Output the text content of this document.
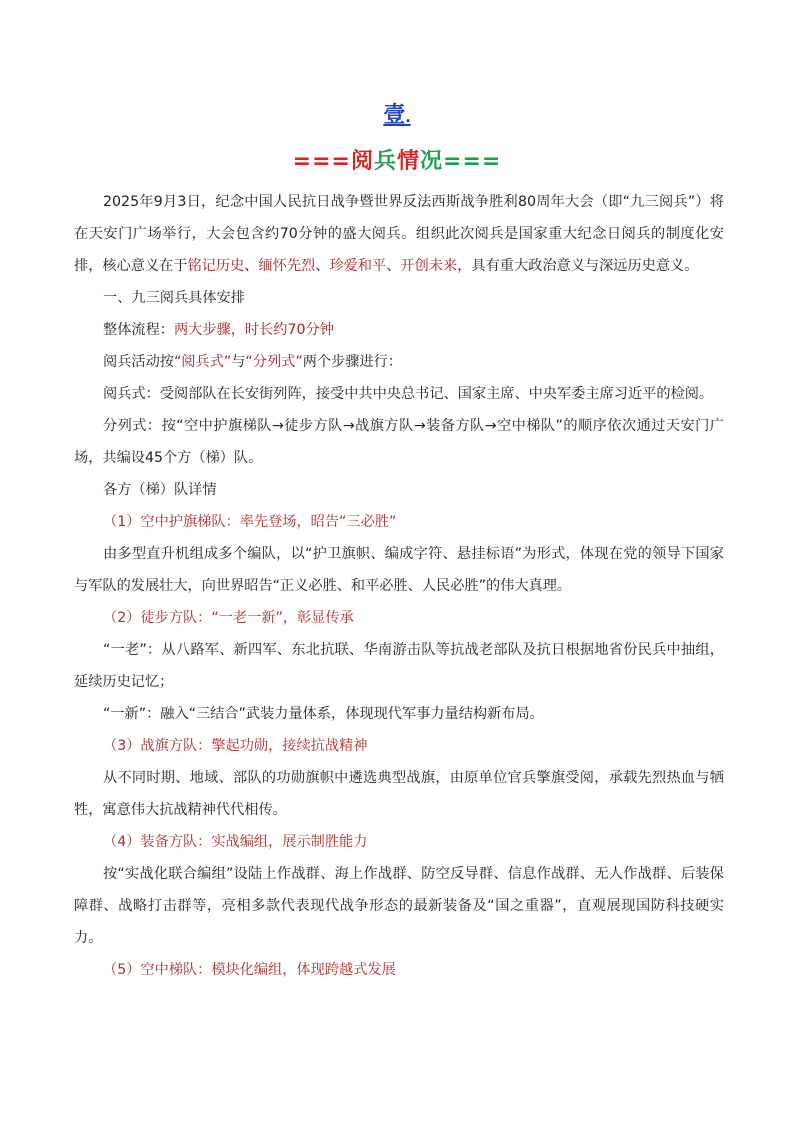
壹.
===阅兵情况===

2025年9月3日，纪念中国人民抗日战争暨世界反法西斯战争胜利80周年大会（即“九三阅兵”）将在天安门广场举行，大会包含约70分钟的盛大阅兵。组织此次阅兵是国家重大纪念日阅兵的制度化安排，核心意义在于铭记历史、缅怀先烈、珍爱和平、开创未来，具有重大政治意义与深远历史意义。

一、九三阅兵具体安排

整体流程：两大步骤，时长约70分钟

阅兵活动按“阅兵式”与“分列式”两个步骤进行：

阅兵式：受阅部队在长安街列阵，接受中共中央总书记、国家主席、中央军委主席习近平的检阅。

分列式：按“空中护旗梯队→徒步方队→战旗方队→装备方队→空中梯队”的顺序依次通过天安门广场，共编设45个方（梯）队。

各方（梯）队详情

（1）空中护旗梯队：率先登场，昭告“三必胜”

由多型直升机组成多个编队，以“护卫旗帜、编成字符、悬挂标语”为形式，体现在党的领导下国家与军队的发展壮大，向世界昭告“正义必胜、和平必胜、人民必胜”的伟大真理。

（2）徒步方队：“一老一新”，彰显传承

“一老”：从八路军、新四军、东北抗联、华南游击队等抗战老部队及抗日根据地省份民兵中抽组，延续历史记忆；

“一新”：融入“三结合”武装力量体系，体现现代军事力量结构新布局。

（3）战旗方队：擎起功勋，接续抗战精神

从不同时期、地域、部队的功勋旗帜中遴选典型战旗，由原单位官兵擎旗受阅，承载先烈热血与牺牲，寓意伟大抗战精神代代相传。

（4）装备方队：实战编组，展示制胜能力

按“实战化联合编组”设陆上作战群、海上作战群、防空反导群、信息作战群、无人作战群、后装保障群、战略打击群等，亮相多款代表现代战争形态的最新装备及“国之重器”，直观展现国防科技硬实力。

（5）空中梯队：模块化编组，体现跨越式发展
